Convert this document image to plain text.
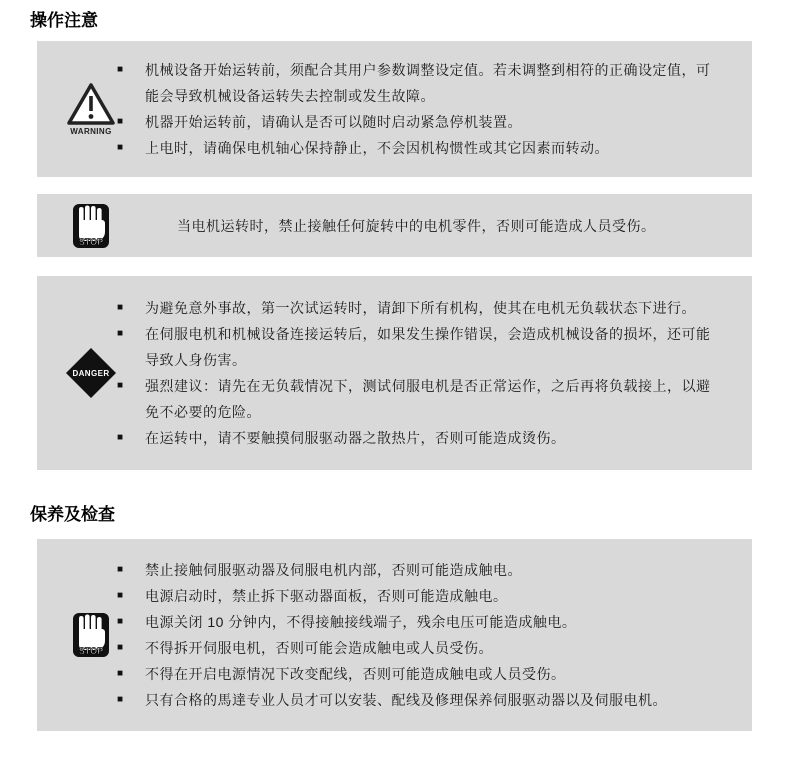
操作注意
WARNING
■ 机械设备开始运转前，须配合其用户参数调整设定值。若未调整到相符的正确设定值，可能会导致机械设备运转失去控制或发生故障。
■ 机器开始运转前，请确认是否可以随时启动紧急停机装置。
■ 上电时，请确保电机轴心保持静止，不会因机构惯性或其它因素而转动。
STOP

当电机运转时，禁止接触任何旋转中的电机零件，否则可能造成人员受伤。

DANGER
■ 为避免意外事故，第一次试运转时，请卸下所有机构，使其在电机无负载状态下进行。
■ 在伺服电机和机械设备连接运转后，如果发生操作错误，会造成机械设备的损坏，还可能导致人身伤害。
■ 强烈建议：请先在无负载情况下，测试伺服电机是否正常运作，之后再将负载接上，以避免不必要的危险。
■ 在运转中，请不要触摸伺服驱动器之散热片，否则可能造成烫伤。
保养及检查
STOP
■ 禁止接触伺服驱动器及伺服电机内部，否则可能造成触电。
■ 电源启动时，禁止拆下驱动器面板，否则可能造成触电。
■ 电源关闭 10 分钟内，不得接触接线端子，残余电压可能造成触电。
■ 不得拆开伺服电机，否则可能会造成触电或人员受伤。
■ 不得在开启电源情况下改变配线，否则可能造成触电或人员受伤。
■ 只有合格的馬達专业人员才可以安装、配线及修理保养伺服驱动器以及伺服电机。
